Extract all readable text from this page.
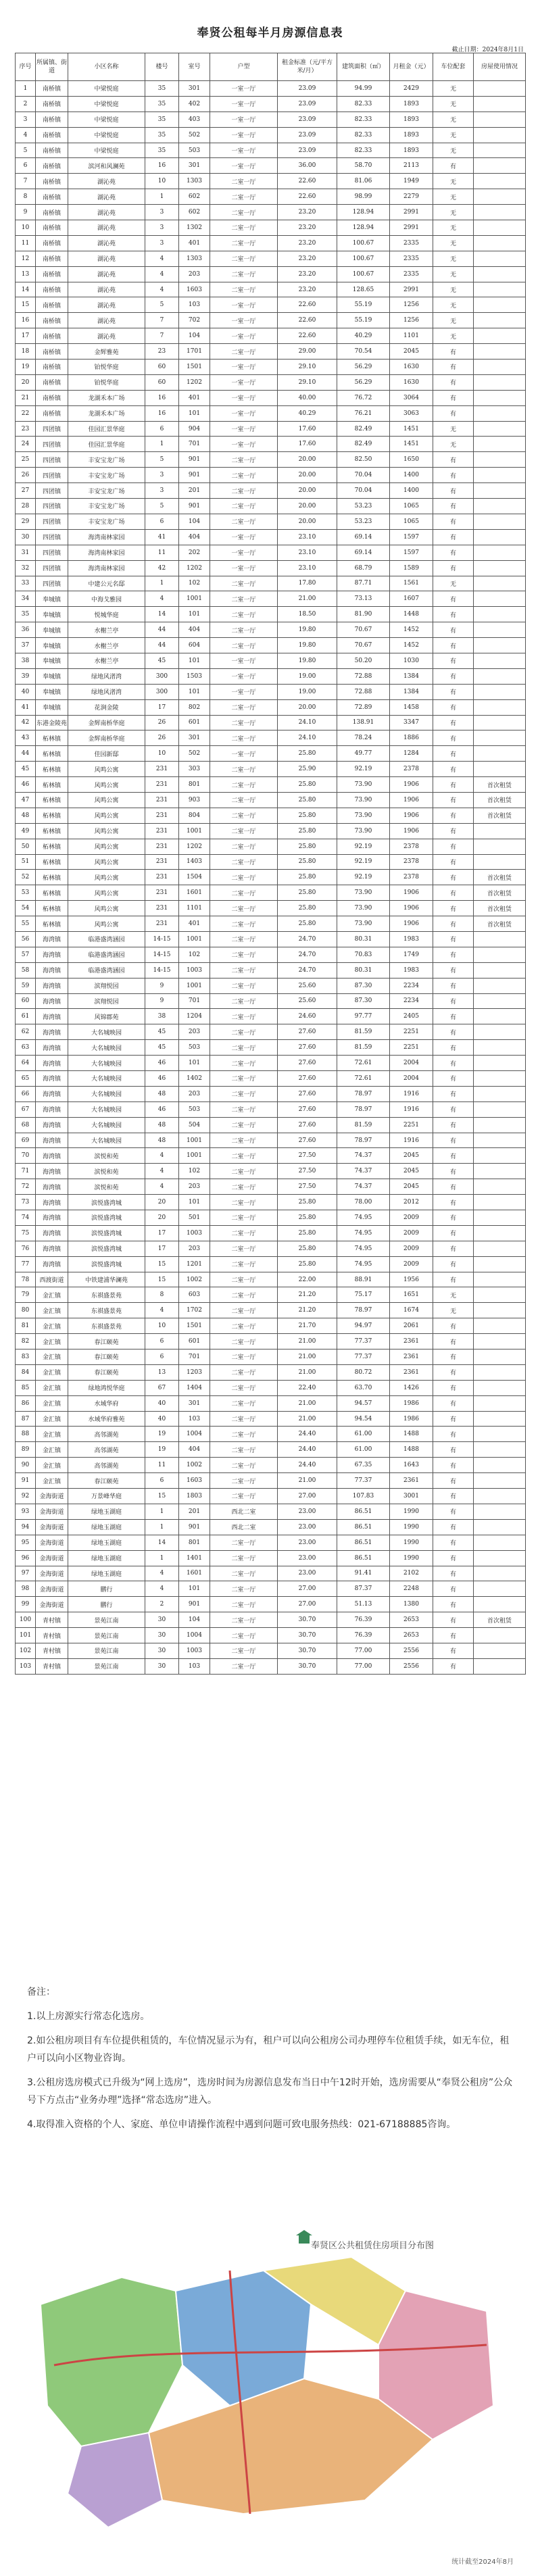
奉贤公租每半月房源信息表
截止日期：2024年8月1日
序号	所属镇、街道	小区名称	楼号	室号	户型	租金标准（元/平方米/月）	建筑面积（㎡）	月租金（元）	车位配套	房屋使用情况
1	南桥镇	中梁悦庭	35	301	一室一厅	23.09	94.99	2429	无	
2	南桥镇	中梁悦庭	35	402	一室一厅	23.09	82.33	1893	无	
3	南桥镇	中梁悦庭	35	403	一室一厅	23.09	82.33	1893	无	
4	南桥镇	中梁悦庭	35	502	一室一厅	23.09	82.33	1893	无	
5	南桥镇	中梁悦庭	35	503	一室一厅	23.09	82.33	1893	无	
6	南桥镇	滨河和风澜苑	16	301	一室一厅	36.00	58.70	2113	有	
7	南桥镇	湖沁苑	10	1303	二室一厅	22.60	81.06	1949	无	
8	南桥镇	湖沁苑	1	602	二室一厅	22.60	98.99	2279	无	
9	南桥镇	湖沁苑	3	602	二室一厅	23.20	128.94	2991	无	
10	南桥镇	湖沁苑	3	1302	二室一厅	23.20	128.94	2991	无	
11	南桥镇	湖沁苑	3	401	二室一厅	23.20	100.67	2335	无	
12	南桥镇	湖沁苑	4	1303	二室一厅	23.20	100.67	2335	无	
13	南桥镇	湖沁苑	4	203	二室一厅	23.20	100.67	2335	无	
14	南桥镇	湖沁苑	4	1603	二室一厅	23.20	128.65	2991	无	
15	南桥镇	湖沁苑	5	103	一室一厅	22.60	55.19	1256	无	
16	南桥镇	湖沁苑	7	702	一室一厅	22.60	55.19	1256	无	
17	南桥镇	湖沁苑	7	104	一室一厅	22.60	40.29	1101	无	
18	南桥镇	金辉雅苑	23	1701	二室一厅	29.00	70.54	2045	有	
19	南桥镇	铂悦华庭	60	1501	一室一厅	29.10	56.29	1630	有	
20	南桥镇	铂悦华庭	60	1202	一室一厅	29.10	56.29	1630	有	
21	南桥镇	龙湖禾本广场	16	401	一室一厅	40.00	76.72	3064	有	
22	南桥镇	龙湖禾本广场	16	101	一室一厅	40.29	76.21	3063	有	
23	四团镇	佳园汇景华庭	6	904	一室一厅	17.60	82.49	1451	无	
24	四团镇	佳园汇景华庭	1	701	一室一厅	17.60	82.49	1451	无	
25	四团镇	丰安宝龙广场	5	901	二室一厅	20.00	82.50	1650	有	
26	四团镇	丰安宝龙广场	3	901	二室一厅	20.00	70.04	1400	有	
27	四团镇	丰安宝龙广场	3	201	二室一厅	20.00	70.04	1400	有	
28	四团镇	丰安宝龙广场	5	901	二室一厅	20.00	53.23	1065	有	
29	四团镇	丰安宝龙广场	6	104	二室一厅	20.00	53.23	1065	有	
30	四团镇	海湾南林家园	41	404	一室一厅	23.10	69.14	1597	有	
31	四团镇	海湾南林家园	11	202	一室一厅	23.10	69.14	1597	有	
32	四团镇	海湾南林家园	42	1202	一室一厅	23.10	68.79	1589	有	
33	四团镇	中建公元名邸	1	102	二室一厅	17.80	87.71	1561	无	
34	奉城镇	中海戈雅园	4	1001	二室一厅	21.00	73.13	1607	有	
35	奉城镇	悦城华庭	14	101	二室一厅	18.50	81.90	1448	有	
36	奉城镇	水榭兰亭	44	404	二室一厅	19.80	70.67	1452	有	
37	奉城镇	水榭兰亭	44	604	二室一厅	19.80	70.67	1452	有	
38	奉城镇	水榭兰亭	45	101	一室一厅	19.80	50.20	1030	有	
39	奉城镇	绿地风渚湾	300	1503	一室一厅	19.00	72.88	1384	有	
40	奉城镇	绿地风渚湾	300	101	一室一厅	19.00	72.88	1384	有	
41	奉城镇	花涧金陵	17	802	二室一厅	20.00	72.89	1458	有	
42	东港金陵苑	金辉南桥华庭	26	601	二室一厅	24.10	138.91	3347	有	
43	柘林镇	金辉南桥华庭	26	301	二室一厅	24.10	78.24	1886	有	
44	柘林镇	佳园新邸	10	502	一室一厅	25.80	49.77	1284	有	
45	柘林镇	风鸣公寓	231	303	二室一厅	25.90	92.19	2378	有	
46	柘林镇	风鸣公寓	231	801	二室一厅	25.80	73.90	1906	有	首次租赁
47	柘林镇	风鸣公寓	231	903	二室一厅	25.80	73.90	1906	有	首次租赁
48	柘林镇	风鸣公寓	231	804	二室一厅	25.80	73.90	1906	有	首次租赁
49	柘林镇	风鸣公寓	231	1001	二室一厅	25.80	73.90	1906	有	
50	柘林镇	风鸣公寓	231	1202	二室一厅	25.80	92.19	2378	有	
51	柘林镇	风鸣公寓	231	1403	二室一厅	25.80	92.19	2378	有	
52	柘林镇	风鸣公寓	231	1504	二室一厅	25.80	92.19	2378	有	首次租赁
53	柘林镇	风鸣公寓	231	1601	二室一厅	25.80	73.90	1906	有	首次租赁
54	柘林镇	风鸣公寓	231	1101	二室一厅	25.80	73.90	1906	有	首次租赁
55	柘林镇	风鸣公寓	231	401	二室一厅	25.80	73.90	1906	有	首次租赁
56	海湾镇	临港盛湾涵园	14-15	1001	二室一厅	24.70	80.31	1983	有	
57	海湾镇	临港盛湾涵园	14-15	102	二室一厅	24.70	70.83	1749	有	
58	海湾镇	临港盛湾涵园	14-15	1003	二室一厅	24.70	80.31	1983	有	
59	海湾镇	滨翔悦园	9	1001	二室一厅	25.60	87.30	2234	有	
60	海湾镇	滨翔悦园	9	701	二室一厅	25.60	87.30	2234	有	
61	海湾镇	风锦郡苑	38	1204	二室一厅	24.60	97.77	2405	有	
62	海湾镇	大名城映园	45	203	二室一厅	27.60	81.59	2251	有	
63	海湾镇	大名城映园	45	503	二室一厅	27.60	81.59	2251	有	
64	海湾镇	大名城映园	46	101	二室一厅	27.60	72.61	2004	有	
65	海湾镇	大名城映园	46	1402	二室一厅	27.60	72.61	2004	有	
66	海湾镇	大名城映园	48	203	二室一厅	27.60	78.97	1916	有	
67	海湾镇	大名城映园	46	503	二室一厅	27.60	78.97	1916	有	
68	海湾镇	大名城映园	48	504	二室一厅	27.60	81.59	2251	有	
69	海湾镇	大名城映园	48	1001	二室一厅	27.60	78.97	1916	有	
70	海湾镇	滨悦和苑	4	1001	二室一厅	27.50	74.37	2045	有	
71	海湾镇	滨悦和苑	4	102	二室一厅	27.50	74.37	2045	有	
72	海湾镇	滨悦和苑	4	203	二室一厅	27.50	74.37	2045	有	
73	海湾镇	滨悦盛湾城	20	101	二室一厅	25.80	78.00	2012	有	
74	海湾镇	滨悦盛湾城	20	501	二室一厅	25.80	74.95	2009	有	
75	海湾镇	滨悦盛湾城	17	1003	二室一厅	25.80	74.95	2009	有	
76	海湾镇	滨悦盛湾城	17	203	二室一厅	25.80	74.95	2009	有	
77	海湾镇	滨悦盛湾城	15	1201	二室一厅	25.80	74.95	2009	有	
78	西渡街道	中铁建浦华澜苑	15	1002	二室一厅	22.00	88.91	1956	有	
79	金汇镇	东祺盛景苑	8	603	二室一厅	21.20	75.17	1651	无	
80	金汇镇	东祺盛景苑	4	1702	二室一厅	21.20	78.97	1674	无	
81	金汇镇	东祺盛景苑	10	1501	二室一厅	21.70	94.97	2061	有	
82	金汇镇	春江颐苑	6	601	二室一厅	21.00	77.37	2361	有	
83	金汇镇	春江颐苑	6	701	二室一厅	21.00	77.37	2361	有	
84	金汇镇	春江颐苑	13	1203	二室一厅	21.00	80.72	2361	有	
85	金汇镇	绿地鸿悦华庭	67	1404	二室一厅	22.40	63.70	1426	有	
86	金汇镇	水域华府	40	301	二室一厅	21.00	94.57	1986	有	
87	金汇镇	水域华府雅苑	40	103	二室一厅	21.00	94.54	1986	有	
88	金汇镇	高邻湖苑	19	1004	二室一厅	24.40	61.00	1488	有	
89	金汇镇	高邻湖苑	19	404	二室一厅	24.40	61.00	1488	有	
90	金汇镇	高邻湖苑	11	1002	二室一厅	24.40	67.35	1643	有	
91	金汇镇	春江颐苑	6	1603	二室一厅	21.00	77.37	2361	有	
92	金海街道	万景峰华庭	15	1803	二室一厅	27.00	107.83	3001	有	
93	金海街道	绿地玉湖庭	1	201	西北二室	23.00	86.51	1990	有	
94	金海街道	绿地玉湖庭	1	901	西北二室	23.00	86.51	1990	有	
95	金海街道	绿地玉湖庭	14	801	二室一厅	23.00	86.51	1990	有	
96	金海街道	绿地玉湖庭	1	1401	二室一厅	23.00	86.51	1990	有	
97	金海街道	绿地玉湖庭	4	1601	二室一厅	23.00	91.41	2102	有	
98	金海街道	鹏行	4	101	二室一厅	27.00	87.37	2248	有	
99	金海街道	鹏行	2	901	二室一厅	27.00	51.13	1380	有	
100	青村镇	景苑江南	30	104	二室一厅	30.70	76.39	2653	有	首次租赁
101	青村镇	景苑江南	30	1004	二室一厅	30.70	76.39	2653	有	
102	青村镇	景苑江南	30	1003	二室一厅	30.70	77.00	2556	有	
103	青村镇	景苑江南	30	103	二室一厅	30.70	77.00	2556	有	

备注：

1.以上房源实行常态化选房。

2.如公租房项目有车位提供租赁的，车位情况显示为有，租户可以向公租房公司办理停车位租赁手续，如无车位，租户可以向小区物业咨询。

3.公租房选房模式已升级为“网上选房”，选房时间为房源信息发布当日中午12时开始，选房需要从“奉贤公租房”公众号下方点击“业务办理”选择“常态选房”进入。

4.取得准入资格的个人、家庭、单位申请操作流程中遇到问题可致电服务热线：021-67188885咨询。

奉贤区公共租赁住房项目分布图
统计截至2024年8月
